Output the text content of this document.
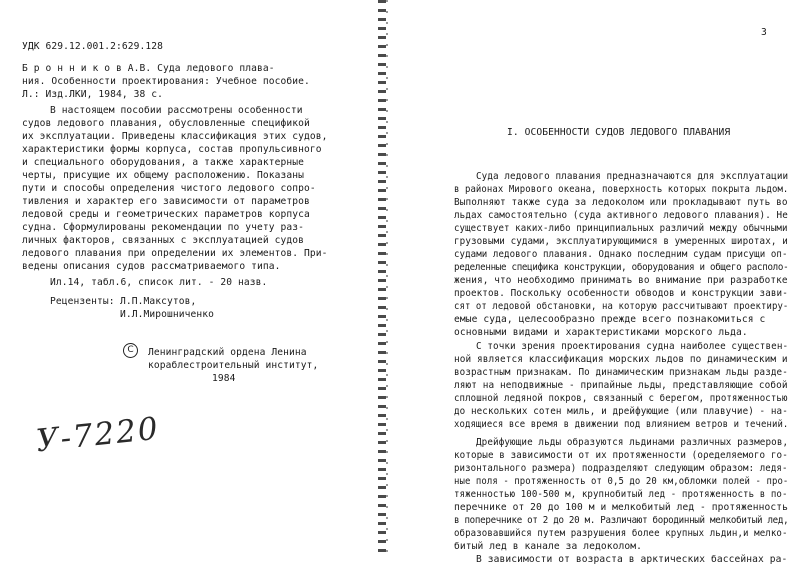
УДК 629.12.001.2:629.128
Б р о н н и к о в А.В. Суда ледового плава-
ния. Особенности проектирования: Учебное пособие.
Л.: Изд.ЛКИ, 1984, 38 с.
В настоящем пособии рассмотрены особенности
судов ледового плавания, обусловленные спецификой
их эксплуатации. Приведены классификация этих судов,
характеристики формы корпуса, состав пропульсивного
и специального оборудования, а также характерные
черты, присущие их общему расположению. Показаны
пути и способы определения чистого ледового сопро-
тивления и характер его зависимости от параметров
ледовой среды и геометрических параметров корпуса
судна. Сформулированы рекомендации по учету раз-
личных факторов, связанных с эксплуатацией судов
ледового плавания при определении их элементов. При-
ведены описания судов рассматриваемого типа.
Ил.14, табл.6, список лит. - 20 назв.
Рецензенты: Л.П.Максутов,
И.Л.Мирошниченко
С	Ленинградский ордена Ленина
кораблестроительный институт,
1984
У-7220
3
I. ОСОБЕННОСТИ СУДОВ ЛЕДОВОГО ПЛАВАНИЯ
Суда ледового плавания предназначаются для эксплуатации
в районах Мирового океана, поверхность которых покрыта льдом.
Выполняют также суда за ледоколом или прокладывают путь во
льдах самостоятельно (суда активного ледового плавания). Не
существует каких-либо принципиальных различий между обычными
грузовыми судами, эксплуатирующимися в умеренных широтах, и
судами ледового плавания. Однако последним судам присущи оп-
ределенные специфика конструкции, оборудования и общего располо-
жения, что необходимо принимать во внимание при разработке
проектов. Поскольку особенности обводов и конструкции зави-
сят от ледовой обстановки, на которую рассчитывают проектиру-
емые суда, целесообразно прежде всего познакомиться с
основными видами и характеристиками морского льда.
С точки зрения проектирования судна наиболее существен-
ной является классификация морских льдов по динамическим и
возрастным признакам. По динамическим признакам льды разде-
ляют на неподвижные - припайные льды, представляющие собой
сплошной ледяной покров, связанный с берегом, протяженностью
до нескольких сотен миль, и дрейфующие (или плавучие) - на-
ходящиеся все время в движении под влиянием ветров и течений.
Дрейфующие льды образуются льдинами различных размеров,
которые в зависимости от их протяженности (ορеделяемого го-
ризонтального размера) подразделяют следующим образом: ледя-
ные поля - протяженность от 0,5 до 20 км,обломки полей - про-
тяженностью 100-500 м, крупнобитый лед - протяженность в по-
перечнике от 20 до 100 м и мелкобитый лед - протяженность
в поперечнике от 2 до 20 м. Различают бородинный мелкобитый лед,
образовавшийся путем разрушения более крупных льдин,и мелко-
битый лед в канале за ледоколом.
В зависимости от возраста в арктических бассейнах ра-
